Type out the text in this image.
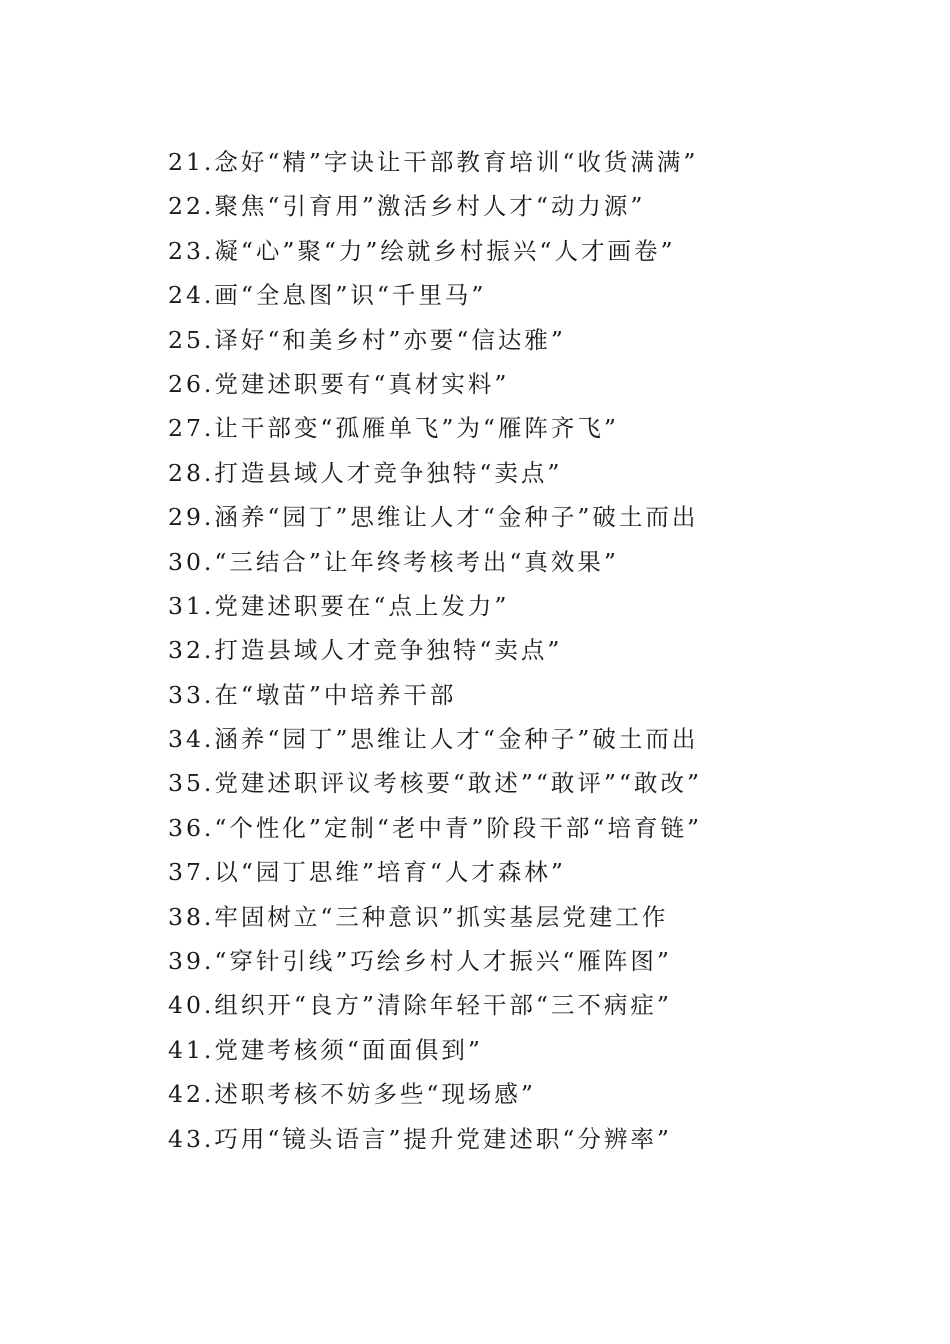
21.念好“精”字诀让干部教育培训“收货满满”
22.聚焦“引育用”激活乡村人才“动力源”
23.凝“心”聚“力”绘就乡村振兴“人才画卷”
24.画“全息图”识“千里马”
25.译好“和美乡村”亦要“信达雅”
26.党建述职要有“真材实料”
27.让干部变“孤雁单飞”为“雁阵齐飞”
28.打造县域人才竞争独特“卖点”
29.涵养“园丁”思维让人才“金种子”破土而出
30.“三结合”让年终考核考出“真效果”
31.党建述职要在“点上发力”
32.打造县域人才竞争独特“卖点”
33.在“墩苗”中培养干部
34.涵养“园丁”思维让人才“金种子”破土而出
35.党建述职评议考核要“敢述”“敢评”“敢改”
36.“个性化”定制“老中青”阶段干部“培育链”
37.以“园丁思维”培育“人才森林”
38.牢固树立“三种意识”抓实基层党建工作
39.“穿针引线”巧绘乡村人才振兴“雁阵图”
40.组织开“良方”清除年轻干部“三不病症”
41.党建考核须“面面俱到”
42.述职考核不妨多些“现场感”
43.巧用“镜头语言”提升党建述职“分辨率”
